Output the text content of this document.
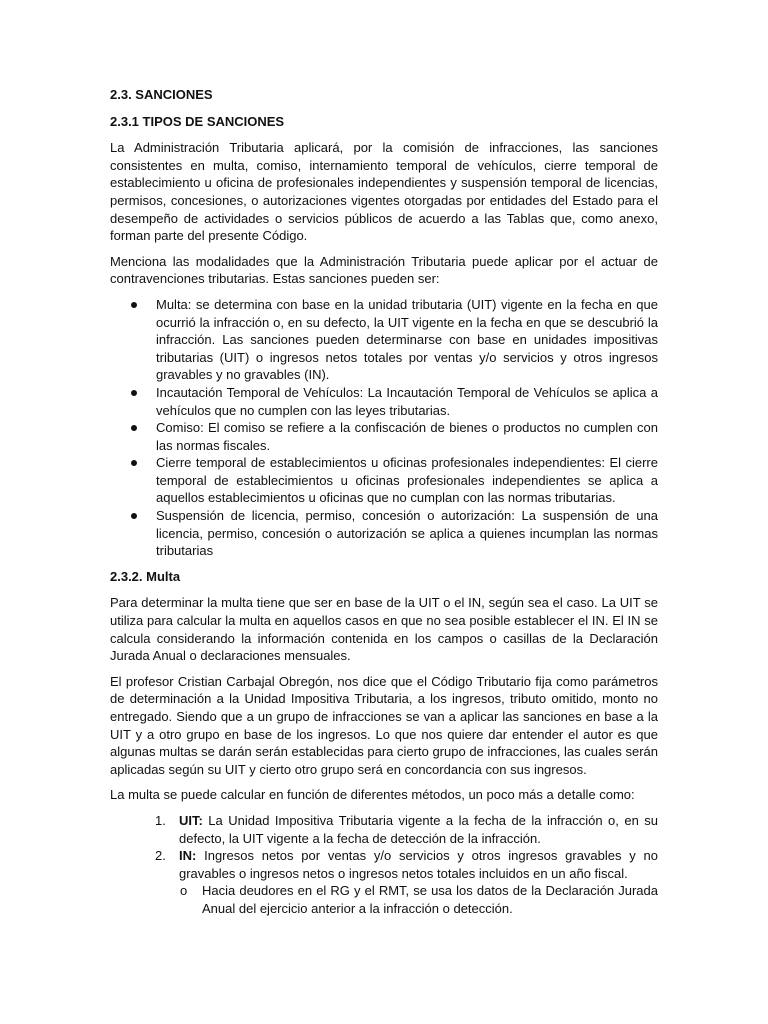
2.3. SANCIONES

2.3.1 TIPOS DE SANCIONES

La Administración Tributaria aplicará, por la comisión de infracciones, las sanciones consistentes en multa, comiso, internamiento temporal de vehículos, cierre temporal de establecimiento u oficina de profesionales independientes y suspensión temporal de licencias, permisos, concesiones, o autorizaciones vigentes otorgadas por entidades del Estado para el desempeño de actividades o servicios públicos de acuerdo a las Tablas que, como anexo, forman parte del presente Código.

Menciona las modalidades que la Administración Tributaria puede aplicar por el actuar de contravenciones tributarias. Estas sanciones pueden ser:

Multa: se determina con base en la unidad tributaria (UIT) vigente en la fecha en que ocurrió la infracción o, en su defecto, la UIT vigente en la fecha en que se descubrió la infracción. Las sanciones pueden determinarse con base en unidades impositivas tributarias (UIT) o ingresos netos totales por ventas y/o servicios y otros ingresos gravables y no gravables (IN).
Incautación Temporal de Vehículos: La Incautación Temporal de Vehículos se aplica a vehículos que no cumplen con las leyes tributarias.
Comiso: El comiso se refiere a la confiscación de bienes o productos no cumplen con las normas fiscales.
Cierre temporal de establecimientos u oficinas profesionales independientes: El cierre temporal de establecimientos u oficinas profesionales independientes se aplica a aquellos establecimientos u oficinas que no cumplan con las normas tributarias.
Suspensión de licencia, permiso, concesión o autorización: La suspensión de una licencia, permiso, concesión o autorización se aplica a quienes incumplan las normas tributarias

2.3.2. Multa

Para determinar la multa tiene que ser en base de la UIT o el IN, según sea el caso. La UIT se utiliza para calcular la multa en aquellos casos en que no sea posible establecer el IN. El IN se calcula considerando la información contenida en los campos o casillas de la Declaración Jurada Anual o declaraciones mensuales.

El profesor Cristian Carbajal Obregón, nos dice que el Código Tributario fija como parámetros de determinación a la Unidad Impositiva Tributaria, a los ingresos, tributo omitido, monto no entregado. Siendo que a un grupo de infracciones se van a aplicar las sanciones en base a la UIT y a otro grupo en base de los ingresos. Lo que nos quiere dar entender el autor es que algunas multas se darán serán establecidas para cierto grupo de infracciones, las cuales serán aplicadas según su UIT y cierto otro grupo será en concordancia con sus ingresos.

La multa se puede calcular en función de diferentes métodos, un poco más a detalle como:

1. UIT: La Unidad Impositiva Tributaria vigente a la fecha de la infracción o, en su defecto, la UIT vigente a la fecha de detección de la infracción.
2. IN: Ingresos netos por ventas y/o servicios y otros ingresos gravables y no gravables o ingresos netos o ingresos netos totales incluidos en un año fiscal.
o Hacia deudores en el RG y el RMT, se usa los datos de la Declaración Jurada Anual del ejercicio anterior a la infracción o detección.
